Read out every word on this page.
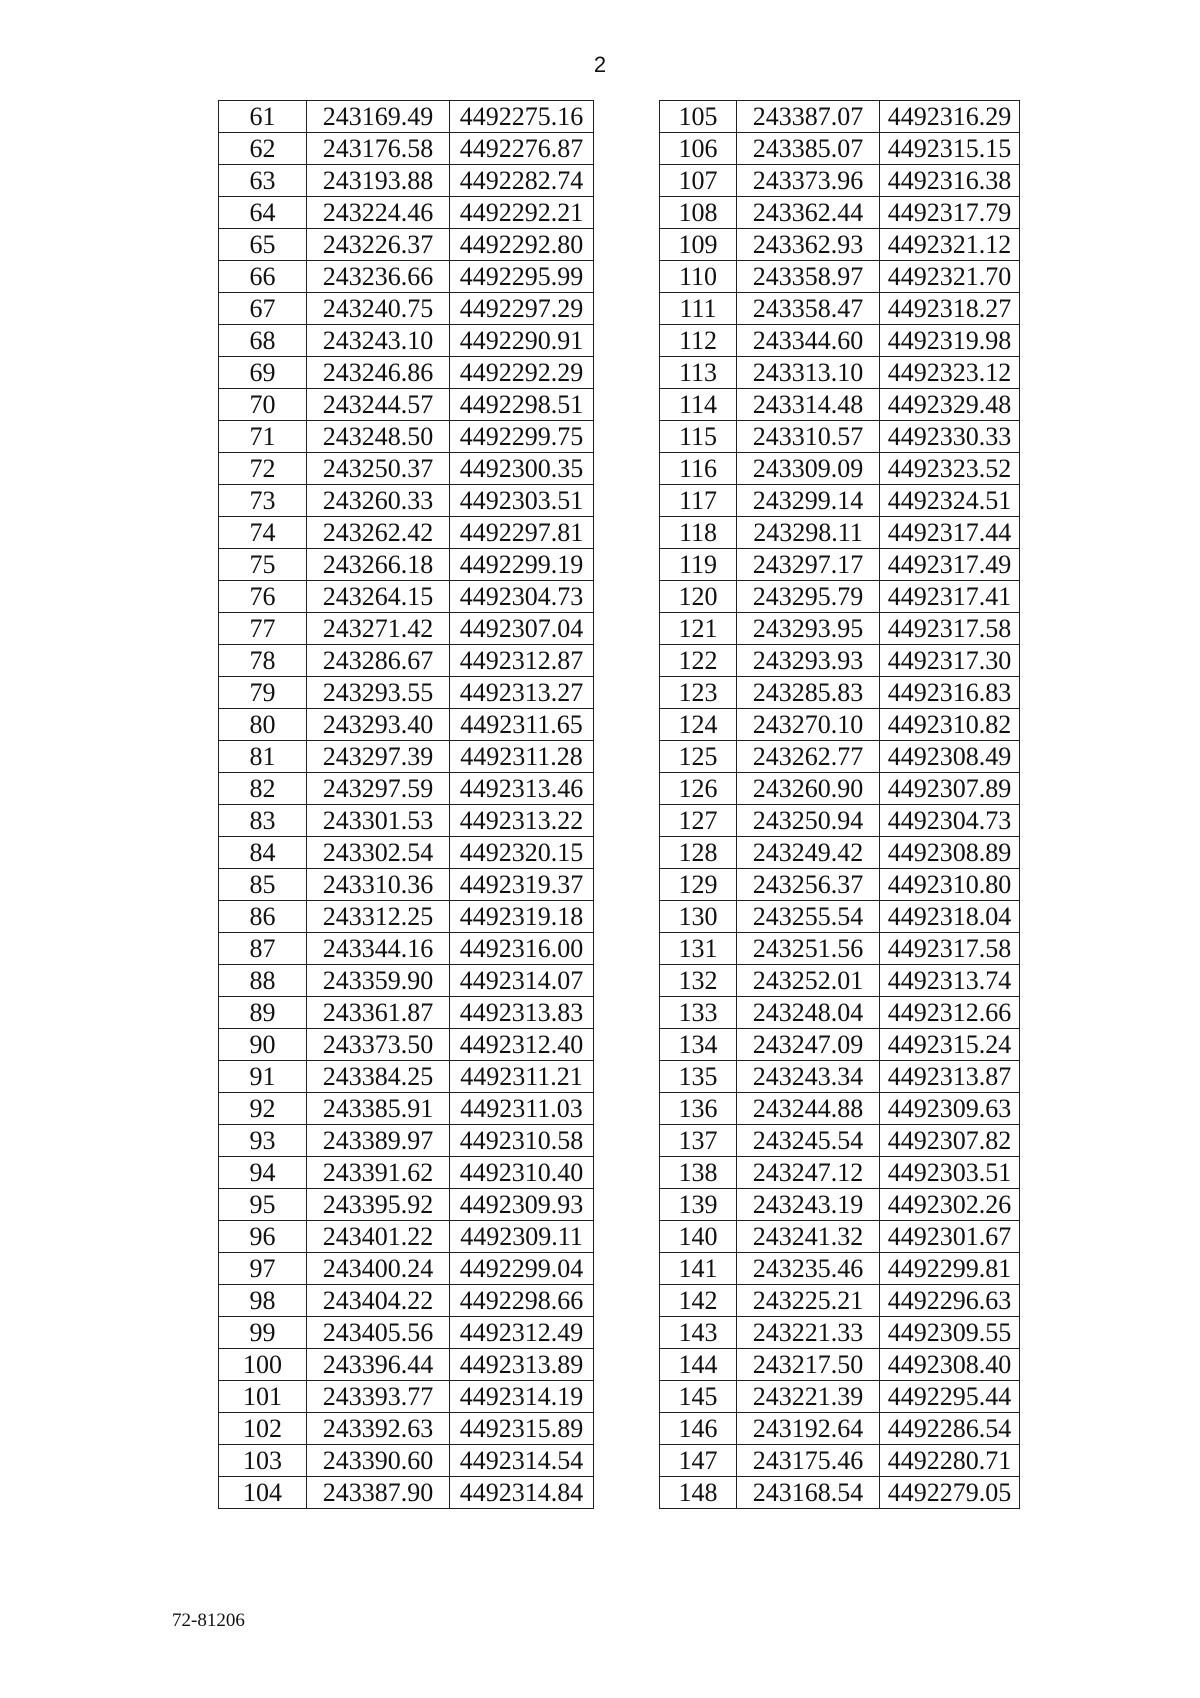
2
61	243169.49	4492275.16
62	243176.58	4492276.87
63	243193.88	4492282.74
64	243224.46	4492292.21
65	243226.37	4492292.80
66	243236.66	4492295.99
67	243240.75	4492297.29
68	243243.10	4492290.91
69	243246.86	4492292.29
70	243244.57	4492298.51
71	243248.50	4492299.75
72	243250.37	4492300.35
73	243260.33	4492303.51
74	243262.42	4492297.81
75	243266.18	4492299.19
76	243264.15	4492304.73
77	243271.42	4492307.04
78	243286.67	4492312.87
79	243293.55	4492313.27
80	243293.40	4492311.65
81	243297.39	4492311.28
82	243297.59	4492313.46
83	243301.53	4492313.22
84	243302.54	4492320.15
85	243310.36	4492319.37
86	243312.25	4492319.18
87	243344.16	4492316.00
88	243359.90	4492314.07
89	243361.87	4492313.83
90	243373.50	4492312.40
91	243384.25	4492311.21
92	243385.91	4492311.03
93	243389.97	4492310.58
94	243391.62	4492310.40
95	243395.92	4492309.93
96	243401.22	4492309.11
97	243400.24	4492299.04
98	243404.22	4492298.66
99	243405.56	4492312.49
100	243396.44	4492313.89
101	243393.77	4492314.19
102	243392.63	4492315.89
103	243390.60	4492314.54
104	243387.90	4492314.84
105	243387.07	4492316.29
106	243385.07	4492315.15
107	243373.96	4492316.38
108	243362.44	4492317.79
109	243362.93	4492321.12
110	243358.97	4492321.70
111	243358.47	4492318.27
112	243344.60	4492319.98
113	243313.10	4492323.12
114	243314.48	4492329.48
115	243310.57	4492330.33
116	243309.09	4492323.52
117	243299.14	4492324.51
118	243298.11	4492317.44
119	243297.17	4492317.49
120	243295.79	4492317.41
121	243293.95	4492317.58
122	243293.93	4492317.30
123	243285.83	4492316.83
124	243270.10	4492310.82
125	243262.77	4492308.49
126	243260.90	4492307.89
127	243250.94	4492304.73
128	243249.42	4492308.89
129	243256.37	4492310.80
130	243255.54	4492318.04
131	243251.56	4492317.58
132	243252.01	4492313.74
133	243248.04	4492312.66
134	243247.09	4492315.24
135	243243.34	4492313.87
136	243244.88	4492309.63
137	243245.54	4492307.82
138	243247.12	4492303.51
139	243243.19	4492302.26
140	243241.32	4492301.67
141	243235.46	4492299.81
142	243225.21	4492296.63
143	243221.33	4492309.55
144	243217.50	4492308.40
145	243221.39	4492295.44
146	243192.64	4492286.54
147	243175.46	4492280.71
148	243168.54	4492279.05
72-81206
